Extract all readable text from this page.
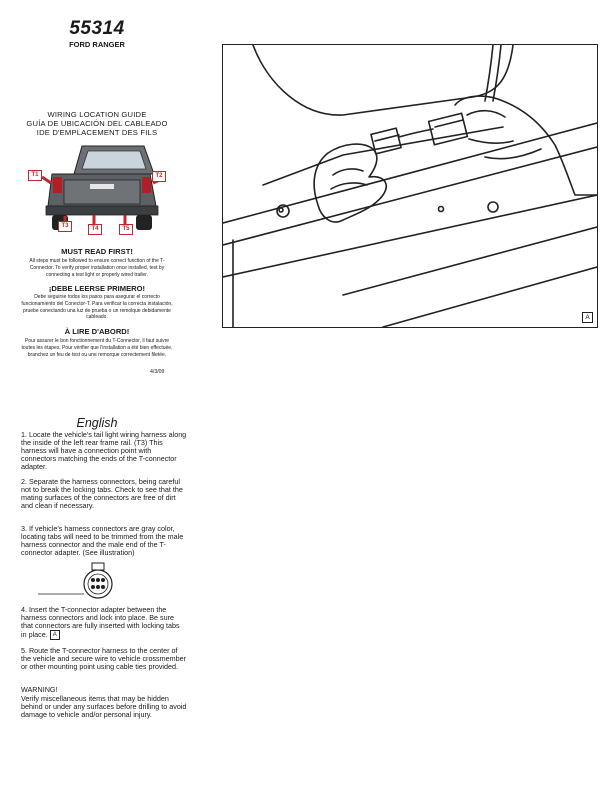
55314
FORD RANGER
WIRING LOCATION GUIDE
GUÍA DE UBICACIÓN DEL CABLEADO
IDE D'EMPLACEMENT DES FILS
T1	T2
T3	T4	T5
MUST READ FIRST!
All steps must be followed to ensure correct function of the T-Connector. To verify proper installation once installed, test by connecting a test light or properly wired trailer.
¡DEBE LEERSE PRIMERO!
Debe seguirse todos los pasos para asegurar el correcto funcionamiento del Conector-T. Para verificar la correcta instalación, pruebe conectando una luz de prueba o un remolque debidamente cableado.
À LIRE D'ABORD!
Pour assurer le bon fonctionnement du T-Connector, il faut suivre toutes les étapes. Pour vérifier que l'installation a été bien effectuée, branchez un feu de test ou une remorque correctement filetée.
4/3/09
English
1. Locate the vehicle's tail light wiring harness along the inside of the left rear frame rail. (T3) This harness will have a connection point with connectors matching the ends of the T-connector adapter.
2. Separate the harness connectors, being careful not to break the locking tabs. Check to see that the mating surfaces of the connectors are free of dirt and clean if necessary.
3. If vehicle's harness connectors are gray color, locating tabs will need to be trimmed from the male harness connector and the male end of the T-connector adapter. (See illustration)
4. Insert the T-connector adapter between the harness connectors and lock into place. Be sure that connectors are fully inserted with locking tabs in place. A
5. Route the T-connector harness to the center of the vehicle and secure wire to vehicle crossmember or other mounting point using cable ties provided.
WARNING!
Verify miscellaneous items that may be hidden behind or under any surfaces before drilling to avoid damage to vehicle and/or personal injury.
A
